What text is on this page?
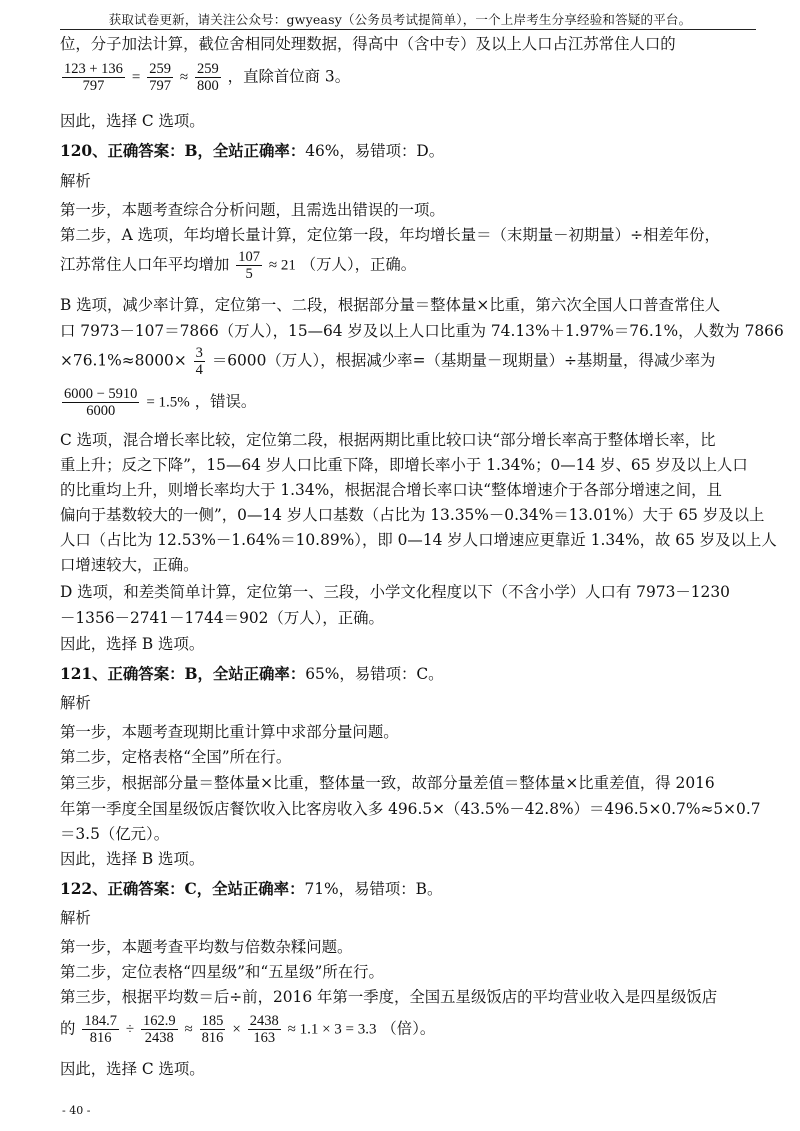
获取试卷更新，请关注公众号：gwyeasy（公务员考试提简单），一个上岸考生分享经验和答疑的平台。
位，分子加法计算，截位舍相同处理数据，得高中（含中专）及以上人口占江苏常住人口的
$\frac{123 + 136}{797} = \frac{259}{797} \approx \frac{259}{800}$ ，直除首位商 3。
因此，选择 C 选项。
120、正确答案：B，全站正确率：46%，易错项：D。
解析
第一步，本题考查综合分析问题，且需选出错误的一项。
第二步，A 选项，年均增长量计算，定位第一段，年均增长量＝（末期量－初期量）÷相差年份，
江苏常住人口年平均增加 $\frac{107}{5} \approx 21$ （万人），正确。
B 选项，减少率计算，定位第一、二段，根据部分量＝整体量×比重，第六次全国人口普查常住人
口 7973－107＝7866（万人），15—64 岁及以上人口比重为 74.13%＋1.97%＝76.1%，人数为 7866
$\times 76.1\%\approx 8000\times \frac{3}{4} =6000$（万人），根据减少率=（基期量－现期量）÷基期量，得减少率为
$\frac{6000 - 5910}{6000} = 1.5\%$ ，错误。
C 选项，混合增长率比较，定位第二段，根据两期比重比较口诀“部分增长率高于整体增长率，比
重上升；反之下降”，15—64 岁人口比重下降，即增长率小于 1.34%；0—14 岁、65 岁及以上人口
的比重均上升，则增长率均大于 1.34%，根据混合增长率口诀“整体增速介于各部分增速之间，且
偏向于基数较大的一侧”，0—14 岁人口基数（占比为 13.35%－0.34%＝13.01%）大于 65 岁及以上
人口（占比为 12.53%－1.64%＝10.89%），即 0—14 岁人口增速应更靠近 1.34%，故 65 岁及以上人
口增速较大，正确。
D 选项，和差类简单计算，定位第一、三段，小学文化程度以下（不含小学）人口有 7973－1230
－1356－2741－1744＝902（万人），正确。
因此，选择 B 选项。
121、正确答案：B，全站正确率：65%，易错项：C。
解析
第一步，本题考查现期比重计算中求部分量问题。
第二步，定格表格“全国”所在行。
第三步，根据部分量＝整体量×比重，整体量一致，故部分量差值＝整体量×比重差值，得 2016
年第一季度全国星级饭店餐饮收入比客房收入多 496.5×（43.5%－42.8%）＝496.5×0.7%≈5×0.7
＝3.5（亿元）。
因此，选择 B 选项。
122、正确答案：C，全站正确率：71%，易错项：B。
解析
第一步，本题考查平均数与倍数杂糅问题。
第二步，定位表格“四星级”和“五星级”所在行。
第三步，根据平均数＝后÷前，2016 年第一季度，全国五星级饭店的平均营业收入是四星级饭店
的 $\frac{184.7}{816} \div \frac{162.9}{2438} \approx \frac{185}{816} \times \frac{2438}{163} \approx 1.1 \times 3 = 3.3$ （倍）。
因此，选择 C 选项。
- 40 -
